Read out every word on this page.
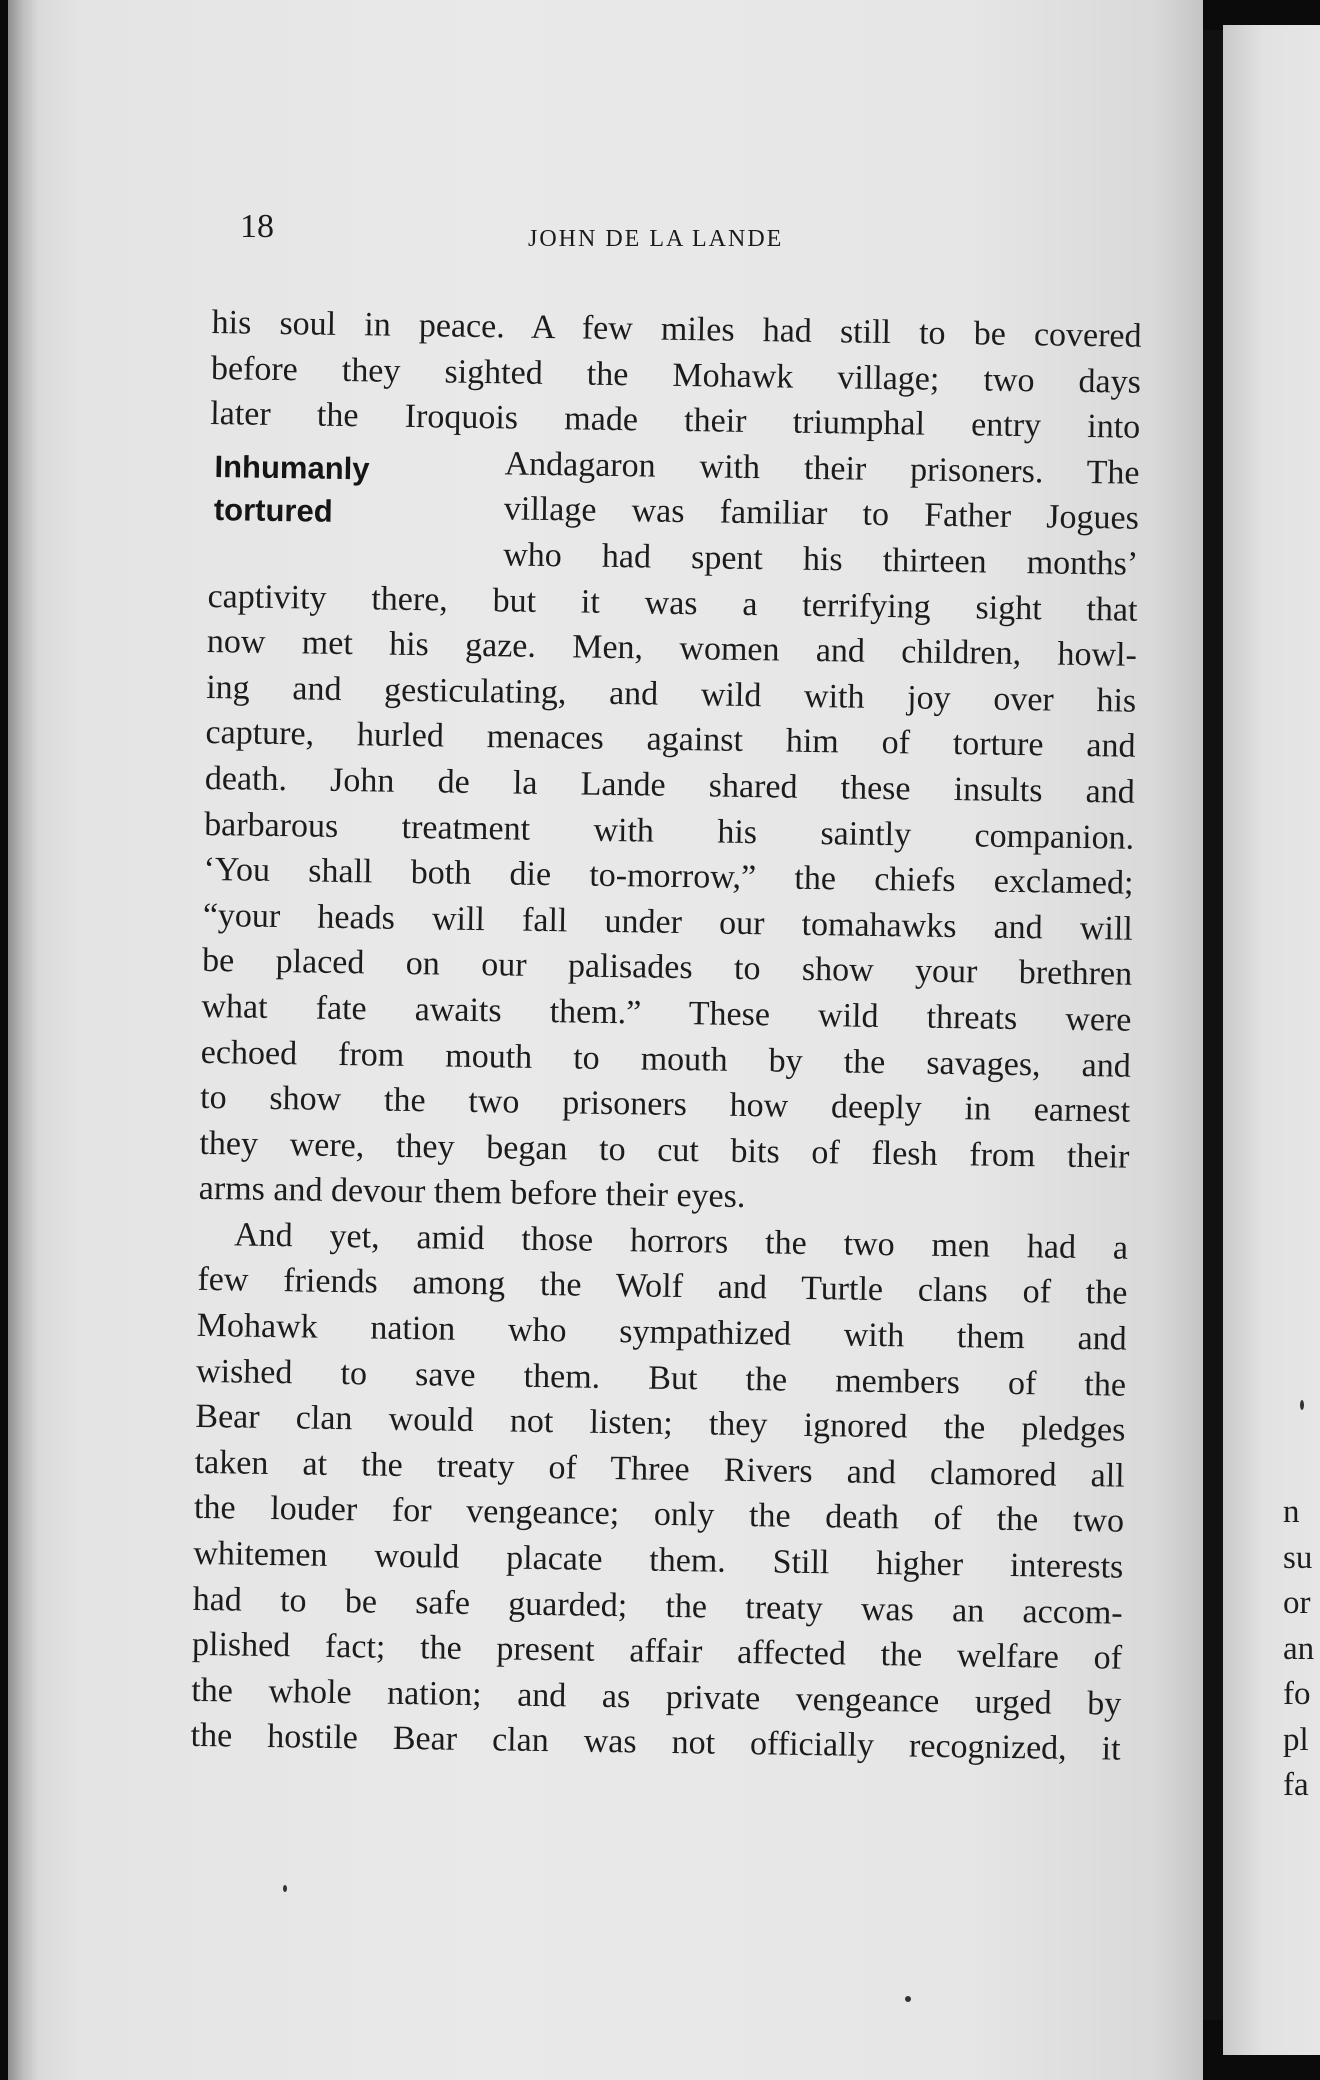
n
su
or
an
fo
pl
fa
18	JOHN DE LA LANDE
Inhumanly
tortured
his soul in peace. A few miles had still to be covered
before they sighted the Mohawk village; two days
later the Iroquois made their triumphal entry into
Andagaron with their prisoners. The
village was familiar to Father Jogues
who had spent his thirteen months’
captivity there, but it was a terrifying sight that
now met his gaze. Men, women and children, howl-
ing and gesticulating, and wild with joy over his
capture, hurled menaces against him of torture and
death. John de la Lande shared these insults and
barbarous treatment with his saintly companion.
‘You shall both die to-morrow,” the chiefs exclamed;
“your heads will fall under our tomahawks and will
be placed on our palisades to show your brethren
what fate awaits them.” These wild threats were
echoed from mouth to mouth by the savages, and
to show the two prisoners how deeply in earnest
they were, they began to cut bits of flesh from their
arms and devour them before their eyes.
And yet, amid those horrors the two men had a
few friends among the Wolf and Turtle clans of the
Mohawk nation who sympathized with them and
wished to save them. But the members of the
Bear clan would not listen; they ignored the pledges
taken at the treaty of Three Rivers and clamored all
the louder for vengeance; only the death of the two
whitemen would placate them. Still higher interests
had to be safe guarded; the treaty was an accom-
plished fact; the present affair affected the welfare of
the whole nation; and as private vengeance urged by
the hostile Bear clan was not officially recognized, it
